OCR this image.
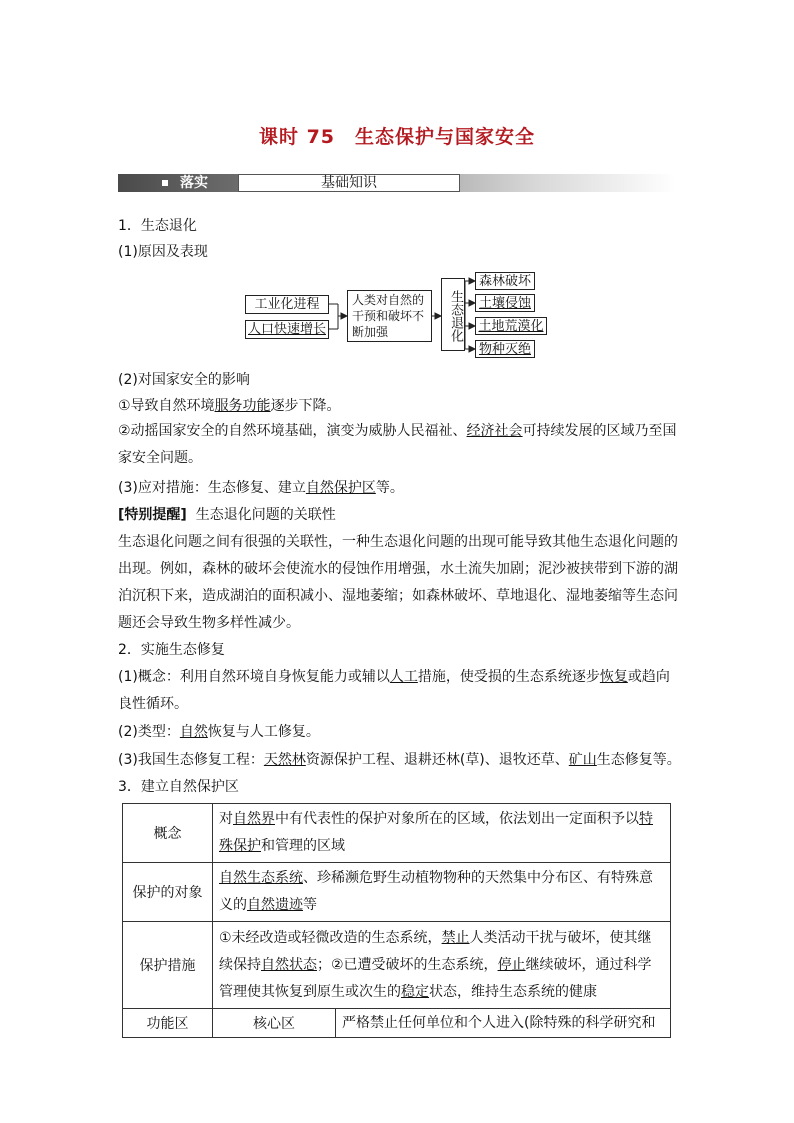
课时 75　生态保护与国家安全
落实	基础知识
1．生态退化
(1)原因及表现
工业化进程
人口快速增长
人类对自然的干预和破坏不断加强	生态退化
森林破坏
土壤侵蚀
土地荒漠化
物种灭绝
(2)对国家安全的影响
①导致自然环境服务功能逐步下降。
②动摇国家安全的自然环境基础，演变为威胁人民福祉、经济社会可持续发展的区域乃至国家安全问题。
(3)应对措施：生态修复、建立自然保护区等。
[特别提醒] 生态退化问题的关联性
生态退化问题之间有很强的关联性，一种生态退化问题的出现可能导致其他生态退化问题的出现。例如，森林的破坏会使流水的侵蚀作用增强，水土流失加剧；泥沙被挟带到下游的湖泊沉积下来，造成湖泊的面积减小、湿地萎缩；如森林破坏、草地退化、湿地萎缩等生态问题还会导致生物多样性减少。
2．实施生态修复
(1)概念：利用自然环境自身恢复能力或辅以人工措施，使受损的生态系统逐步恢复或趋向良性循环。
(2)类型：自然恢复与人工修复。
(3)我国生态修复工程：天然林资源保护工程、退耕还林(草)、退牧还草、矿山生态修复等。
3．建立自然保护区
概念	对自然界中有代表性的保护对象所在的区域，依法划出一定面积予以特殊保护和管理的区域	
保护的对象	自然生态系统、珍稀濒危野生动植物物种的天然集中分布区、有特殊意义的自然遗迹等	
保护措施	①未经改造或轻微改造的生态系统，禁止人类活动干扰与破坏，使其继续保持自然状态；②已遭受破坏的生态系统，停止继续破坏，通过科学管理使其恢复到原生或次生的稳定状态，维持生态系统的健康	
功能区	核心区	严格禁止任何单位和个人进入(除特殊的科学研究和
